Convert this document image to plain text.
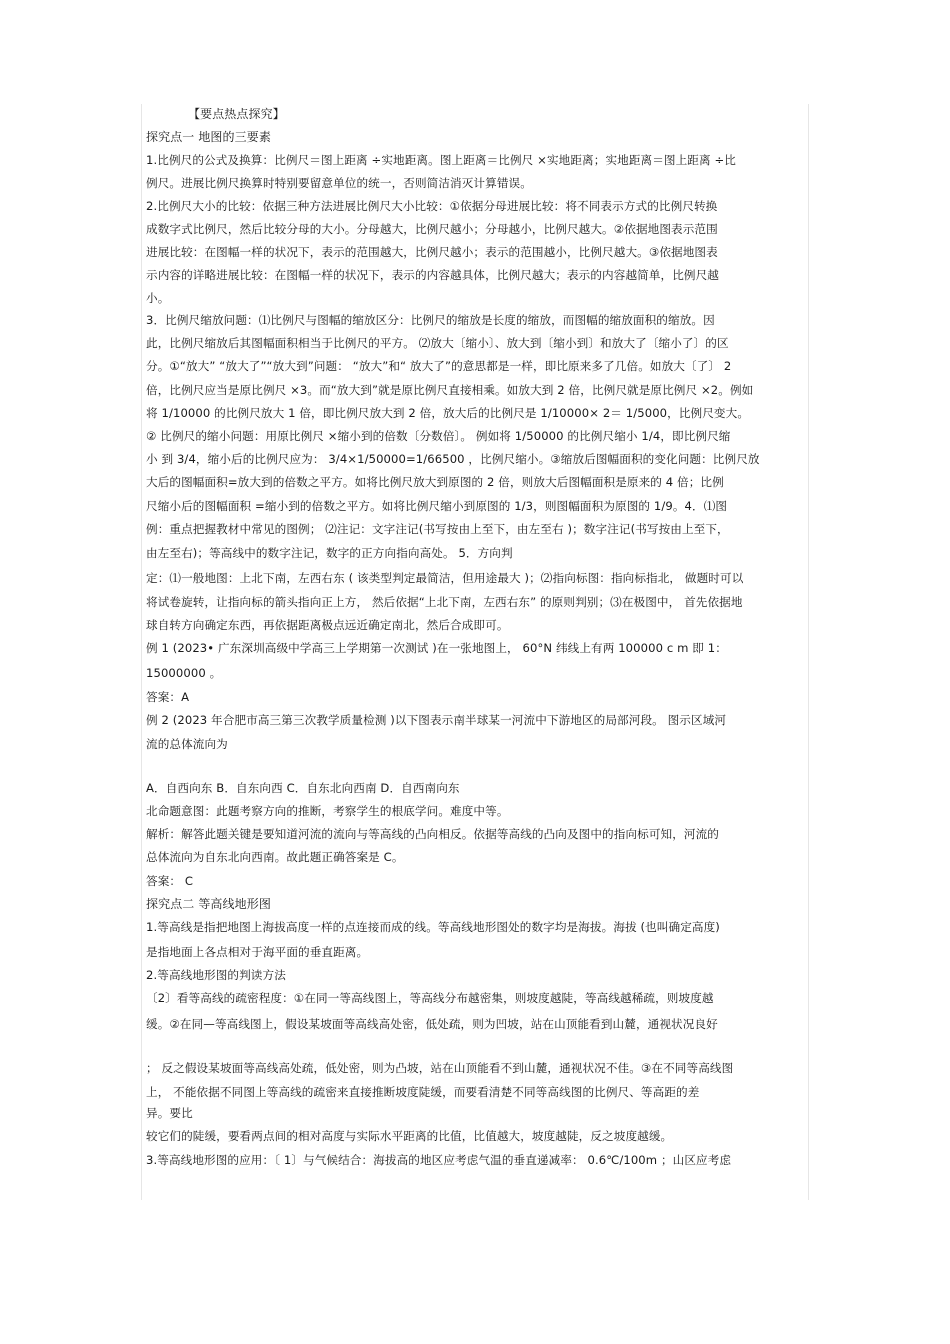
【要点热点探究】
探究点一 地图的三要素
1.比例尺的公式及换算：比例尺＝图上距离 ÷实地距离。图上距离＝比例尺 ×实地距离；实地距离＝图上距离 ÷比
例尺。进展比例尺换算时特别要留意单位的统一，否则简洁消灭计算错误。
2.比例尺大小的比较：依据三种方法进展比例尺大小比较：①依据分母进展比较：将不同表示方式的比例尺转换
成数字式比例尺，然后比较分母的大小。分母越大，比例尺越小；分母越小，比例尺越大。②依据地图表示范围
进展比较：在图幅一样的状况下，表示的范围越大，比例尺越小；表示的范围越小，比例尺越大。③依据地图表
示内容的详略进展比较：在图幅一样的状况下，表示的内容越具体，比例尺越大；表示的内容越简单，比例尺越
小。
3．比例尺缩放问题：⑴比例尺与图幅的缩放区分：比例尺的缩放是长度的缩放，而图幅的缩放面积的缩放。因
此，比例尺缩放后其图幅面积相当于比例尺的平方。 ⑵放大〔缩小〕、放大到〔缩小到〕和放大了〔缩小了〕的区
分。①“放大” “放大了”“放大到”问题： “放大”和“ 放大了”的意思都是一样，即比原来多了几倍。如放大〔了〕 2
倍，比例尺应当是原比例尺 ×3。而“放大到”就是原比例尺直接相乘。如放大到 2 倍，比例尺就是原比例尺 ×2。例如
将 1/10000 的比例尺放大 1 倍，即比例尺放大到 2 倍，放大后的比例尺是 1/10000× 2＝ 1/5000，比例尺变大。
② 比例尺的缩小问题：用原比例尺 ×缩小到的倍数〔分数倍〕。 例如将 1/50000 的比例尺缩小 1/4，即比例尺缩
小 到 3/4，缩小后的比例尺应为： 3/4×1/50000=1/66500 ，比例尺缩小。③缩放后图幅面积的变化问题：比例尺放
大后的图幅面积=放大到的倍数之平方。如将比例尺放大到原图的 2 倍，则放大后图幅面积是原来的 4 倍；比例
尺缩小后的图幅面积 =缩小到的倍数之平方。如将比例尺缩小到原图的 1/3，则图幅面积为原图的 1/9。4．⑴图
例：重点把握教材中常见的图例； ⑵注记：文字注记(书写按由上至下，由左至右 )；数字注记(书写按由上至下，
由左至右)；等高线中的数字注记，数字的正方向指向高处。 5．方向判
定：⑴一般地图：上北下南，左西右东 ( 该类型判定最简洁，但用途最大 )；⑵指向标图：指向标指北， 做题时可以
将试卷旋转，让指向标的箭头指向正上方， 然后依据“上北下南，左西右东” 的原则判别；⑶在极图中， 首先依据地
球自转方向确定东西，再依据距离极点远近确定南北，然后合成即可。
例 1 (2023• 广东深圳高级中学高三上学期第一次测试 )在一张地图上， 60°N 纬线上有两 100000 c m 即 1：
15000000 。
答案：A
例 2 (2023 年合肥市高三第三次教学质量检测 )以下图表示南半球某一河流中下游地区的局部河段。 图示区域河
流的总体流向为
A．自西向东 B．自东向西 C．自东北向西南 D．自西南向东
北命题意图：此题考察方向的推断，考察学生的根底学问。难度中等。
解析：解答此题关键是要知道河流的流向与等高线的凸向相反。依据等高线的凸向及图中的指向标可知，河流的
总体流向为自东北向西南。故此题正确答案是 C。
答案： C
探究点二 等高线地形图
1.等高线是指把地图上海拔高度一样的点连接而成的线。等高线地形图处的数字均是海拔。海拔 (也叫确定高度)
是指地面上各点相对于海平面的垂直距离。
2.等高线地形图的判读方法
〔2〕看等高线的疏密程度：①在同一等高线图上，等高线分布越密集，则坡度越陡，等高线越稀疏，则坡度越
缓。②在同—等高线图上，假设某坡面等高线高处密，低处疏，则为凹坡，站在山顶能看到山麓，通视状况良好
； 反之假设某坡面等高线高处疏，低处密，则为凸坡，站在山顶能看不到山麓，通视状况不佳。③在不同等高线图
上， 不能依据不同图上等高线的疏密来直接推断坡度陡缓，而要看清楚不同等高线图的比例尺、等高距的差
异。要比
较它们的陡缓，要看两点间的相对高度与实际水平距离的比值，比值越大，坡度越陡，反之坡度越缓。
3.等高线地形图的应用：〔 1〕与气候结合：海拔高的地区应考虑气温的垂直递减率： 0.6℃/100m ；山区应考虑
